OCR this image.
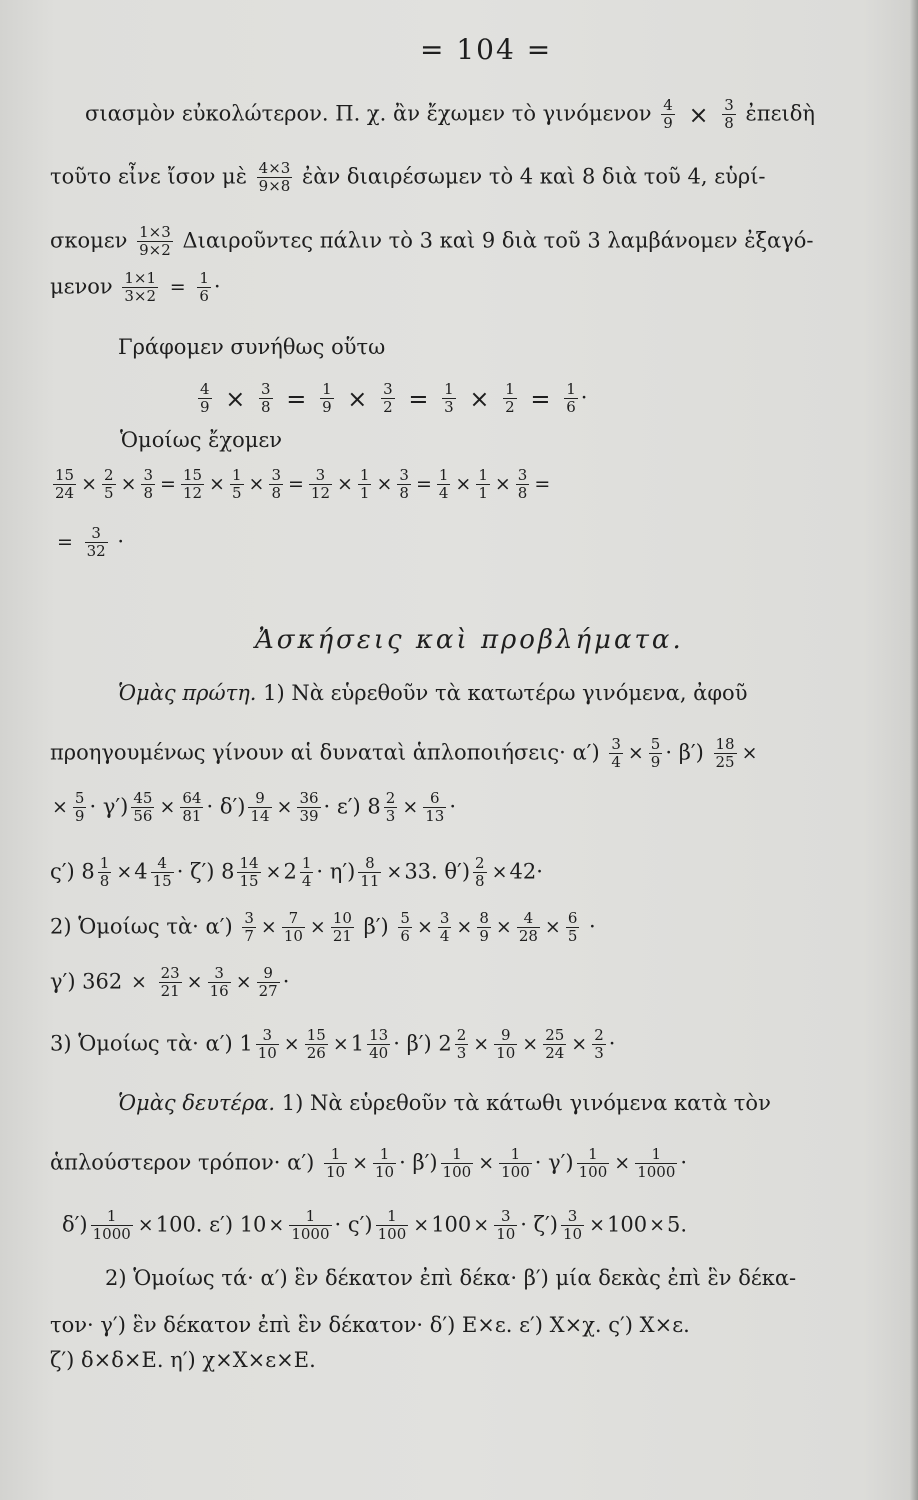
= 104 =
σιασμὸν εὐκολώτερον. Π. χ. ἂν ἔχωμεν τὸ γινόμενον $\frac{4}{9} \times \frac{3}{8}$ ἐπειδὴ
τοῦτο εἶνε ἴσον μὲ $\frac{4\times 3}{9\times 8}$ ἐὰν διαιρέσωμεν τὸ 4 καὶ 8 διὰ τοῦ 4, εὑρί-
σκομεν $\frac{1\times 3}{9\times 2}$ Διαιροῦντες πάλιν τὸ 3 καὶ 9 διὰ τοῦ 3 λαμβάνομεν ἐξαγό-
μενον $\frac{1\times 1}{3\times 2} = \frac{1}{6}$ ·
Γράφομεν συνήθως οὕτω
$\frac{4}{9} \times \frac{3}{8} = \frac{1}{9} \times \frac{3}{2} = \frac{1}{3} \times \frac{1}{2} = \frac{1}{6}$ ·
Ὁμοίως ἔχομεν
$\frac{15}{24} \times \frac{2}{5} \times \frac{3}{8} = \frac{15}{12} \times \frac{1}{5} \times \frac{3}{8} = \frac{3}{12} \times \frac{1}{1} \times \frac{3}{8} = \frac{1}{4} \times \frac{1}{1} \times \frac{3}{8}$ =
= $\frac{3}{32}$ ·
Ἀσκήσεις καὶ προβλήματα.
Ὁμὰς πρώτη. 1) Νὰ εὑρεθοῦν τὰ κατωτέρω γινόμενα, ἀφοῦ
προηγουμένως γίνουν αἱ δυναταὶ ἁπλοποιήσεις· $\alpha') \frac{3}{4} \times \frac{5}{9} \cdot \beta') \frac{18}{25}$ ×
× $\frac{5}{9} \cdot \gamma') \frac{45}{56} \times \frac{64}{81} \cdot \delta') \frac{9}{14} \times \frac{36}{39} \cdot \varepsilon'$) $8 \frac{2}{3} \times \frac{6}{13}$ ·
ς′) $8 \frac{1}{8} \times 4 \frac{4}{15} \cdot \zeta'$) $8 \frac{14}{15} \times 2 \frac{1}{4} \cdot \eta') \frac{8}{11} \times 33$. $\theta') \frac{2}{8} \times 42\cdot$
2) Ὁμοίως τὰ· $\alpha') \frac{3}{7} \times \frac{7}{10} \times \frac{10}{21} \beta') \frac{5}{6} \times \frac{3}{4} \times \frac{8}{9} \times \frac{4}{28} \times \frac{6}{5}$ ·
γ′) $362 \times \frac{23}{21} \times \frac{3}{16} \times \frac{9}{27}$ ·
3) Ὁμοίως τὰ· α′) $1 \frac{3}{10} \times \frac{15}{26} \times 1 \frac{13}{40} \cdot \beta'$) $2 \frac{2}{3} \times \frac{9}{10} \times \frac{25}{24} \times \frac{2}{3}$ ·
Ὁμὰς δευτέρα. 1) Νὰ εὑρεθοῦν τὰ κάτωθι γινόμενα κατὰ τὸν
ἁπλούστερον $\tau\rho ό\pi o\nu\cdot \alpha') \frac{1}{10} \times \frac{1}{10} \cdot \beta') \frac{1}{100} \times \frac{1}{100} \cdot \gamma') \frac{1}{100} \times \frac{1}{1000}$ ·
$\delta') \frac{1}{1000} \times 100$. ε′) $10 \times \frac{1}{1000} \cdot \varsigma') \frac{1}{100} \times 100 \times \frac{3}{10} \cdot \zeta') \frac{3}{10} \times 100 \times 5$.
2) Ὁμοίως τά· α′) ἓν δέκατον ἐπὶ δέκα· β′) μία δεκὰς ἐπὶ ἓν δέκα-
τον· γ′) ἓν δέκατον ἐπὶ ἓν δέκατον· δ′) Ε×ε. ε′) Χ×χ. ς′) Χ×ε.
ζ′) δ×δ×Ε. η′) χ×Χ×ε×Ε.
